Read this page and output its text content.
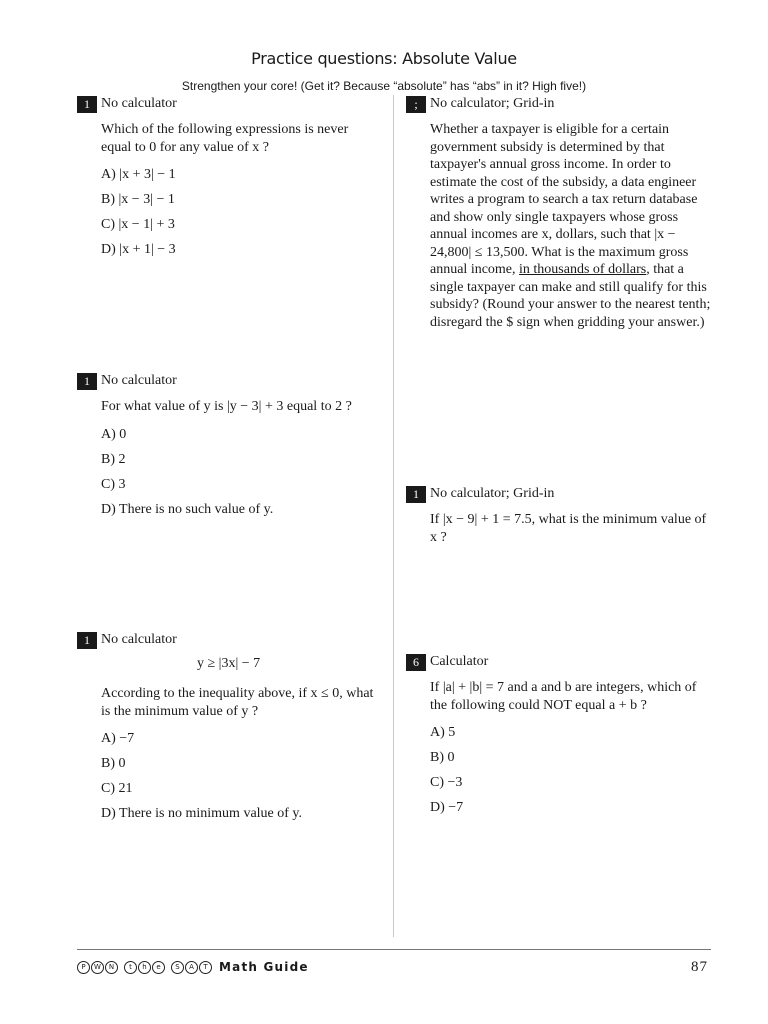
Practice questions: Absolute Value
Strengthen your core! (Get it? Because “absolute” has “abs” in it? High five!)
1 No calculator
Which of the following expressions is never equal to 0 for any value of x ?
A) |x + 3| − 1
B) |x − 3| − 1
C) |x − 1| + 3
D) |x + 1| − 3
1 No calculator
For what value of y is |y − 3| + 3 equal to 2 ?
A) 0
B) 2
C) 3
D) There is no such value of y.
1 No calculator
y ≥ |3x| − 7
According to the inequality above, if x ≤ 0, what is the minimum value of y ?
A) −7
B) 0
C) 21
D) There is no minimum value of y.
; No calculator; Grid-in
Whether a taxpayer is eligible for a certain government subsidy is determined by that taxpayer's annual gross income. In order to estimate the cost of the subsidy, a data engineer writes a program to search a tax return database and show only single taxpayers whose gross annual incomes are x, dollars, such that |x − 24,800| ≤ 13,500. What is the maximum gross annual income, in thousands of dollars, that a single taxpayer can make and still qualify for this subsidy? (Round your answer to the nearest tenth; disregard the $ sign when gridding your answer.)
1 No calculator; Grid-in
If |x − 9| + 1 = 7.5, what is the minimum value of x ?
6 Calculator
If |a| + |b| = 7 and a and b are integers, which of the following could NOT equal a + b ?
A) 5
B) 0
C) −3
D) −7
P	W	N	t	h	e	S	A	T Math Guide	87
